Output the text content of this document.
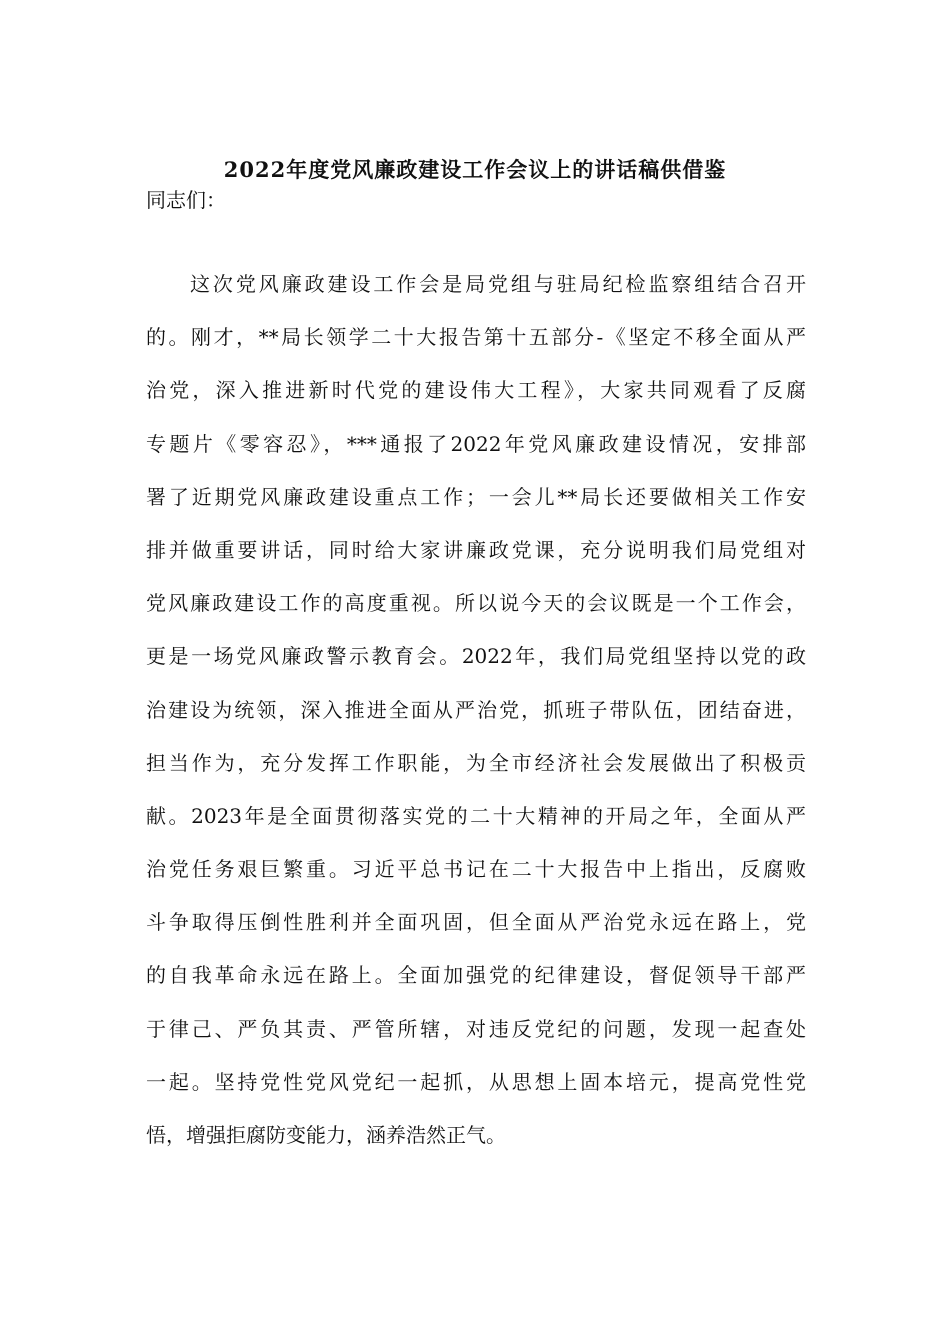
2022年度党风廉政建设工作会议上的讲话稿供借鉴
同志们：
这次党风廉政建设工作会是局党组与驻局纪检监察组结合召开
的。刚才，**局长领学二十大报告第十五部分-《坚定不移全面从严
治党，深入推进新时代党的建设伟大工程》，大家共同观看了反腐
专题片《零容忍》，***通报了2022年党风廉政建设情况，安排部
署了近期党风廉政建设重点工作；一会儿**局长还要做相关工作安
排并做重要讲话，同时给大家讲廉政党课，充分说明我们局党组对
党风廉政建设工作的高度重视。所以说今天的会议既是一个工作会，
更是一场党风廉政警示教育会。2022年，我们局党组坚持以党的政
治建设为统领，深入推进全面从严治党，抓班子带队伍，团结奋进，
担当作为，充分发挥工作职能，为全市经济社会发展做出了积极贡
献。2023年是全面贯彻落实党的二十大精神的开局之年，全面从严
治党任务艰巨繁重。习近平总书记在二十大报告中上指出，反腐败
斗争取得压倒性胜利并全面巩固，但全面从严治党永远在路上，党
的自我革命永远在路上。全面加强党的纪律建设，督促领导干部严
于律己、严负其责、严管所辖，对违反党纪的问题，发现一起查处
一起。坚持党性党风党纪一起抓，从思想上固本培元，提高党性党
悟，增强拒腐防变能力，涵养浩然正气。
